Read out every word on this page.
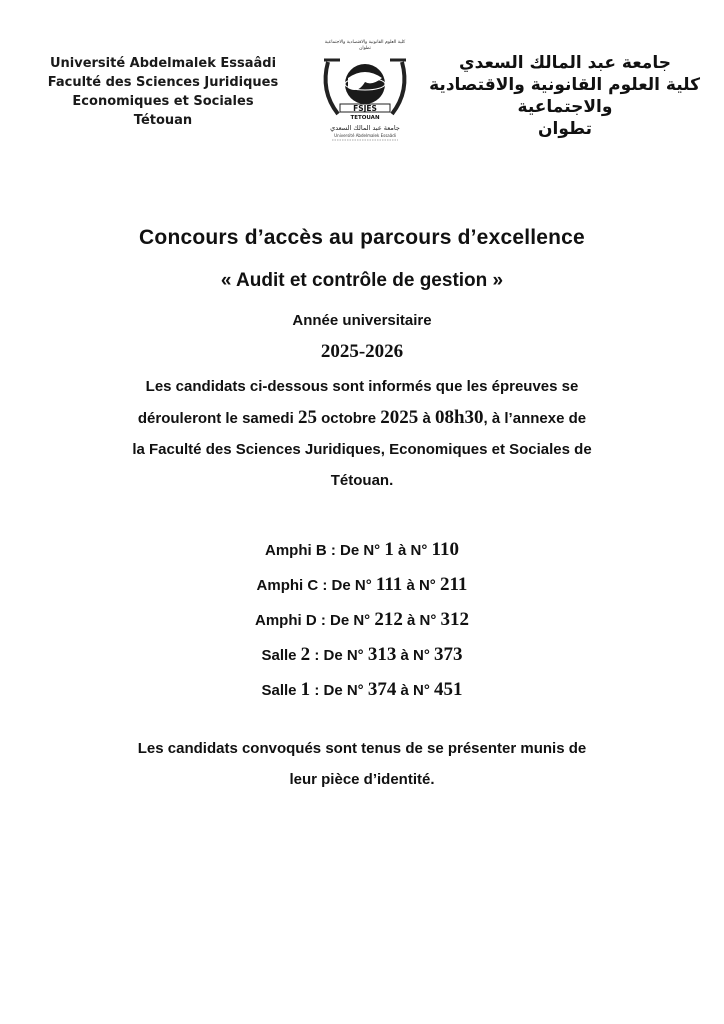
Université Abdelmalek Essaâdi
Faculté des Sciences Juridiques
Economiques et Sociales
Tétouan
كلية العلوم القانونية والاقتصادية والاجتماعية
تطوان
FSJES
TETOUAN
جامعة عبد المالك السعدي
Université Abdelmalek Essaâdi
جامعة عبد المالك السعدي
كلية العلوم القانونية والاقتصادية
والاجتماعية
تطوان
Concours d’accès au parcours d’excellence
« Audit et contrôle de gestion »
Année universitaire
2025-2026
Les candidats ci-dessous sont informés que les épreuves se
dérouleront le samedi 25 octobre 2025 à 08h30, à l’annexe de
la Faculté des Sciences Juridiques, Economiques et Sociales de
Tétouan.
Amphi B : De N° 1 à N° 110
Amphi C : De N° 111 à N° 211
Amphi D : De N° 212 à N° 312
Salle 2 : De N° 313 à N° 373
Salle 1 : De N° 374 à N° 451
Les candidats convoqués sont tenus de se présenter munis de
leur pièce d’identité.
